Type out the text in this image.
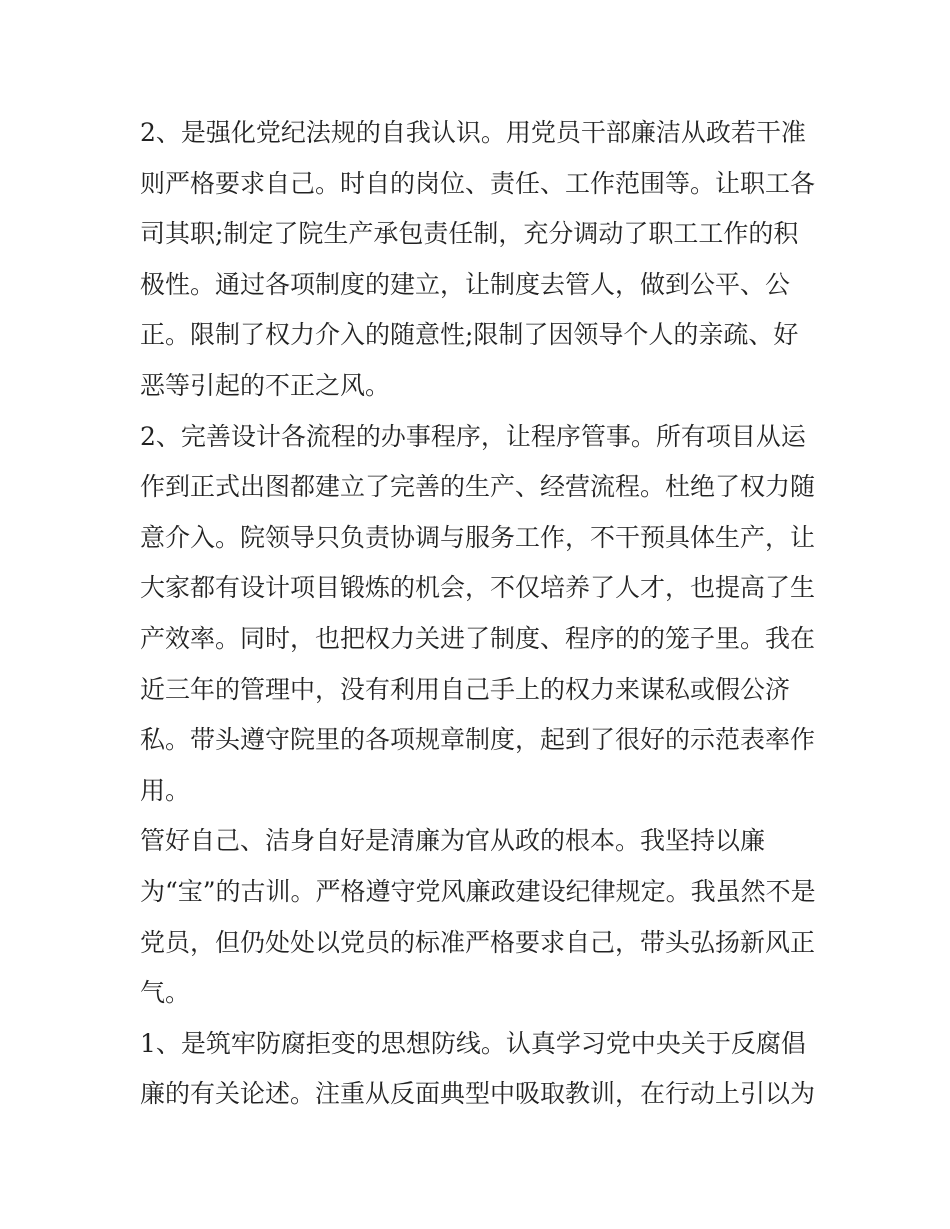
2、是强化党纪法规的自我认识。用党员干部廉洁从政若干准
则严格要求自己。时自的岗位、责任、工作范围等。让职工各
司其职;制定了院生产承包责任制，充分调动了职工工作的积
极性。通过各项制度的建立，让制度去管人，做到公平、公
正。限制了权力介入的随意性;限制了因领导个人的亲疏、好
恶等引起的不正之风。
2、完善设计各流程的办事程序，让程序管事。所有项目从运
作到正式出图都建立了完善的生产、经营流程。杜绝了权力随
意介入。院领导只负责协调与服务工作，不干预具体生产，让
大家都有设计项目锻炼的机会，不仅培养了人才，也提高了生
产效率。同时，也把权力关进了制度、程序的的笼子里。我在
近三年的管理中，没有利用自己手上的权力来谋私或假公济
私。带头遵守院里的各项规章制度，起到了很好的示范表率作
用。
管好自己、洁身自好是清廉为官从政的根本。我坚持以廉
为“宝”的古训。严格遵守党风廉政建设纪律规定。我虽然不是
党员，但仍处处以党员的标准严格要求自己，带头弘扬新风正
气。
1、是筑牢防腐拒变的思想防线。认真学习党中央关于反腐倡
廉的有关论述。注重从反面典型中吸取教训，在行动上引以为
